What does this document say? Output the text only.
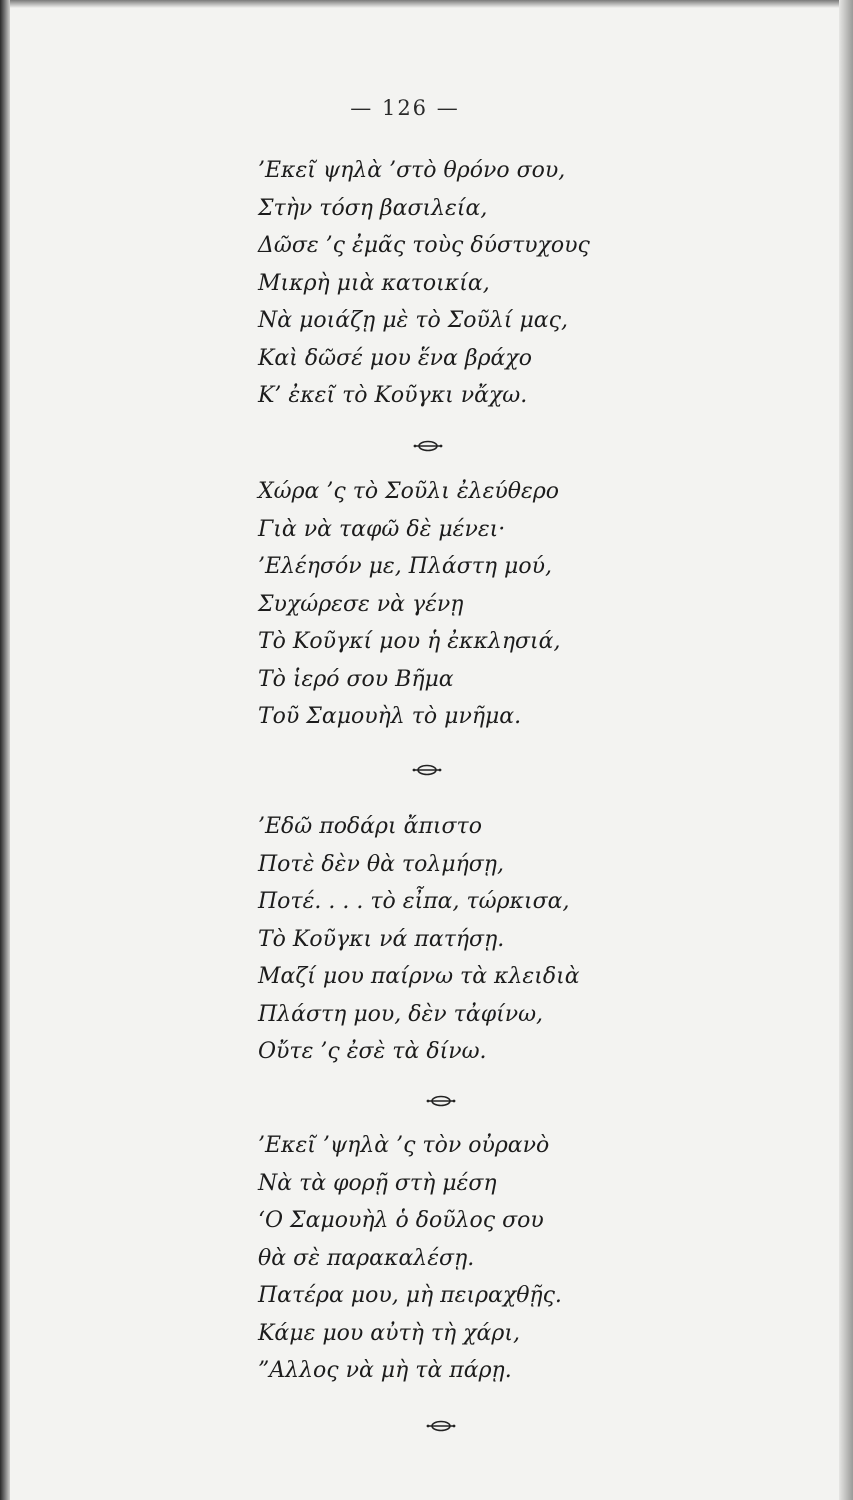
— 126 —
’Εκεῖ ψηλὰ ’στὸ θρόνο σου,
Στὴν τόση βασιλεία,
Δῶσε ’ς ἐμᾶς τοὺς δύστυχους
Μικρὴ μιὰ κατοικία,
Νὰ μοιάζῃ μὲ τὸ Σοῦλί μας,
Καὶ δῶσέ μου ἕνα βράχο
Κ’ ἐκεῖ τὸ Κοῦγκι νἄχω.
Χώρα ’ς τὸ Σοῦλι ἐλεύθερο
Γιὰ νὰ ταφῶ δὲ μένει·
’Ελέησόν με, Πλάστη μού,
Συχώρεσε νὰ γένῃ
Τὸ Κοῦγκί μου ἡ ἐκκλησιά,
Τὸ ἱερό σου Βῆμα
Τοῦ Σαμουὴλ τὸ μνῆμα.
’Εδῶ ποδάρι ἄπιστο
Ποτὲ δὲν θὰ τολμήσῃ,
Ποτέ. . . . τὸ εἶπα, τώρκισα,
Τὸ Κοῦγκι νά πατήσῃ.
Μαζί μου παίρνω τὰ κλειδιὰ
Πλάστη μου, δὲν τἀφίνω,
Οὔτε ’ς ἐσὲ τὰ δίνω.
’Εκεῖ ’ψηλὰ ’ς τὸν οὐρανὸ
Νὰ τὰ φορῇ στὴ μέση
‘Ο Σαμουὴλ ὁ δοῦλος σου
θὰ σὲ παρακαλέσῃ.
Πατέρα μου, μὴ πειραχθῇς.
Κάμε μου αὐτὴ τὴ χάρι,
”Αλλος νὰ μὴ τὰ πάρῃ.
